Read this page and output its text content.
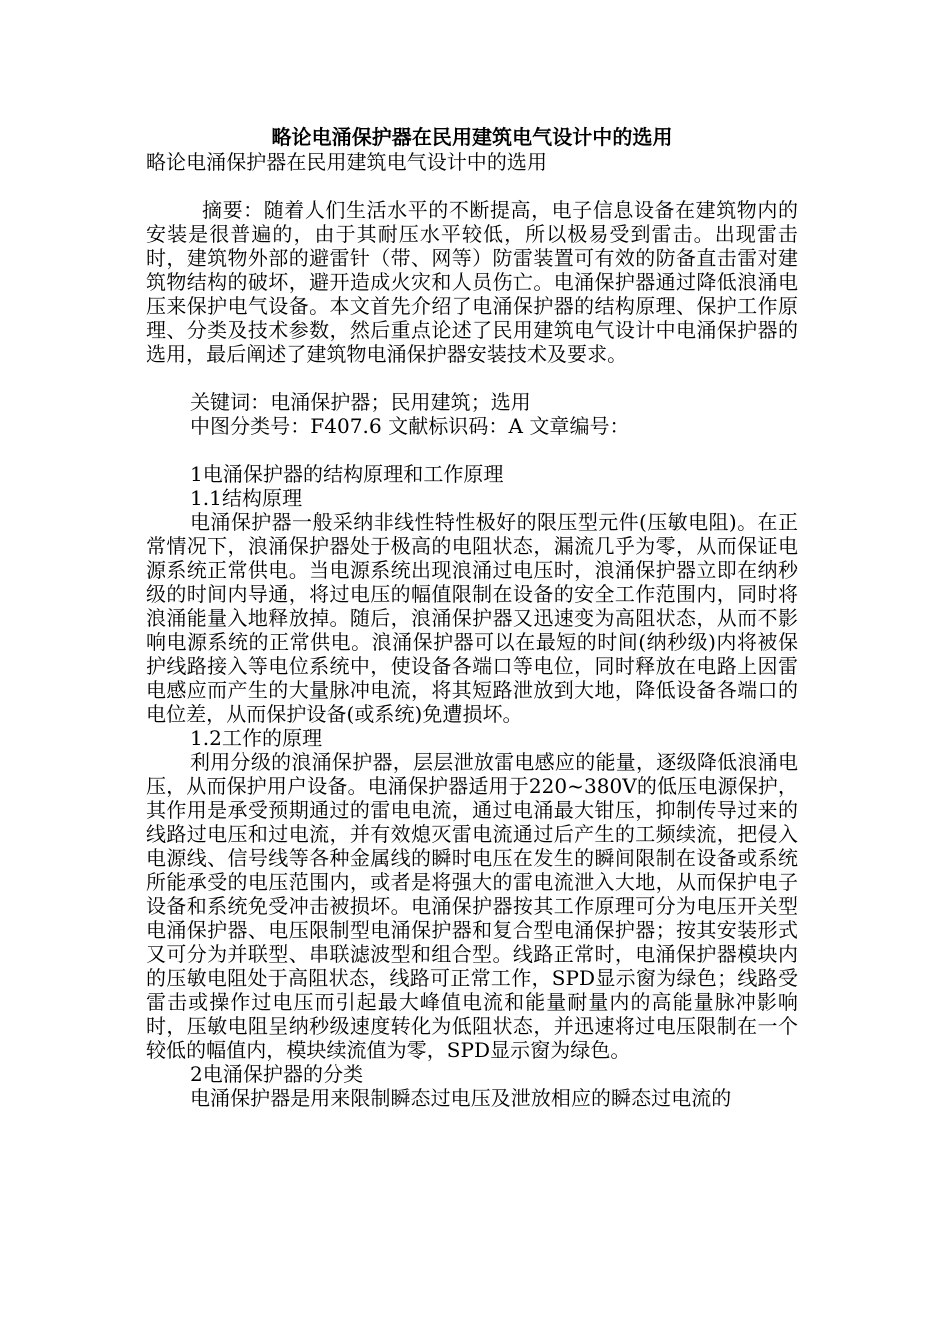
略论电涌保护器在民用建筑电气设计中的选用

略论电涌保护器在民用建筑电气设计中的选用

摘要：随着人们生活水平的不断提高，电子信息设备在建筑物内的安装是很普遍的，由于其耐压水平较低，所以极易受到雷击。出现雷击时，建筑物外部的避雷针（带、网等）防雷装置可有效的防备直击雷对建筑物结构的破坏，避开造成火灾和人员伤亡。电涌保护器通过降低浪涌电压来保护电气设备。本文首先介绍了电涌保护器的结构原理、保护工作原理、分类及技术参数，然后重点论述了民用建筑电气设计中电涌保护器的选用，最后阐述了建筑物电涌保护器安装技术及要求。

关键词：电涌保护器；民用建筑；选用

中图分类号：F407.6 文献标识码：A 文章编号：

1电涌保护器的结构原理和工作原理

1.1结构原理

电涌保护器一般采纳非线性特性极好的限压型元件(压敏电阻)。在正常情况下，浪涌保护器处于极高的电阻状态，漏流几乎为零，从而保证电源系统正常供电。当电源系统出现浪涌过电压时，浪涌保护器立即在纳秒级的时间内导通，将过电压的幅值限制在设备的安全工作范围内，同时将浪涌能量入地释放掉。随后，浪涌保护器又迅速变为高阻状态，从而不影响电源系统的正常供电。浪涌保护器可以在最短的时间(纳秒级)内将被保护线路接入等电位系统中，使设备各端口等电位，同时释放在电路上因雷电感应而产生的大量脉冲电流，将其短路泄放到大地，降低设备各端口的电位差，从而保护设备(或系统)免遭损坏。

1.2工作的原理

利用分级的浪涌保护器，层层泄放雷电感应的能量，逐级降低浪涌电压，从而保护用户设备。电涌保护器适用于220~380V的低压电源保护，其作用是承受预期通过的雷电电流，通过电涌最大钳压，抑制传导过来的线路过电压和过电流，并有效熄灭雷电流通过后产生的工频续流，把侵入电源线、信号线等各种金属线的瞬时电压在发生的瞬间限制在设备或系统所能承受的电压范围内，或者是将强大的雷电流泄入大地，从而保护电子设备和系统免受冲击被损坏。电涌保护器按其工作原理可分为电压开关型电涌保护器、电压限制型电涌保护器和复合型电涌保护器；按其安装形式又可分为并联型、串联滤波型和组合型。线路正常时，电涌保护器模块内的压敏电阻处于高阻状态，线路可正常工作，SPD显示窗为绿色；线路受雷击或操作过电压而引起最大峰值电流和能量耐量内的高能量脉冲影响时，压敏电阻呈纳秒级速度转化为低阻状态，并迅速将过电压限制在一个较低的幅值内，模块续流值为零，SPD显示窗为绿色。

2电涌保护器的分类

电涌保护器是用来限制瞬态过电压及泄放相应的瞬态过电流的
